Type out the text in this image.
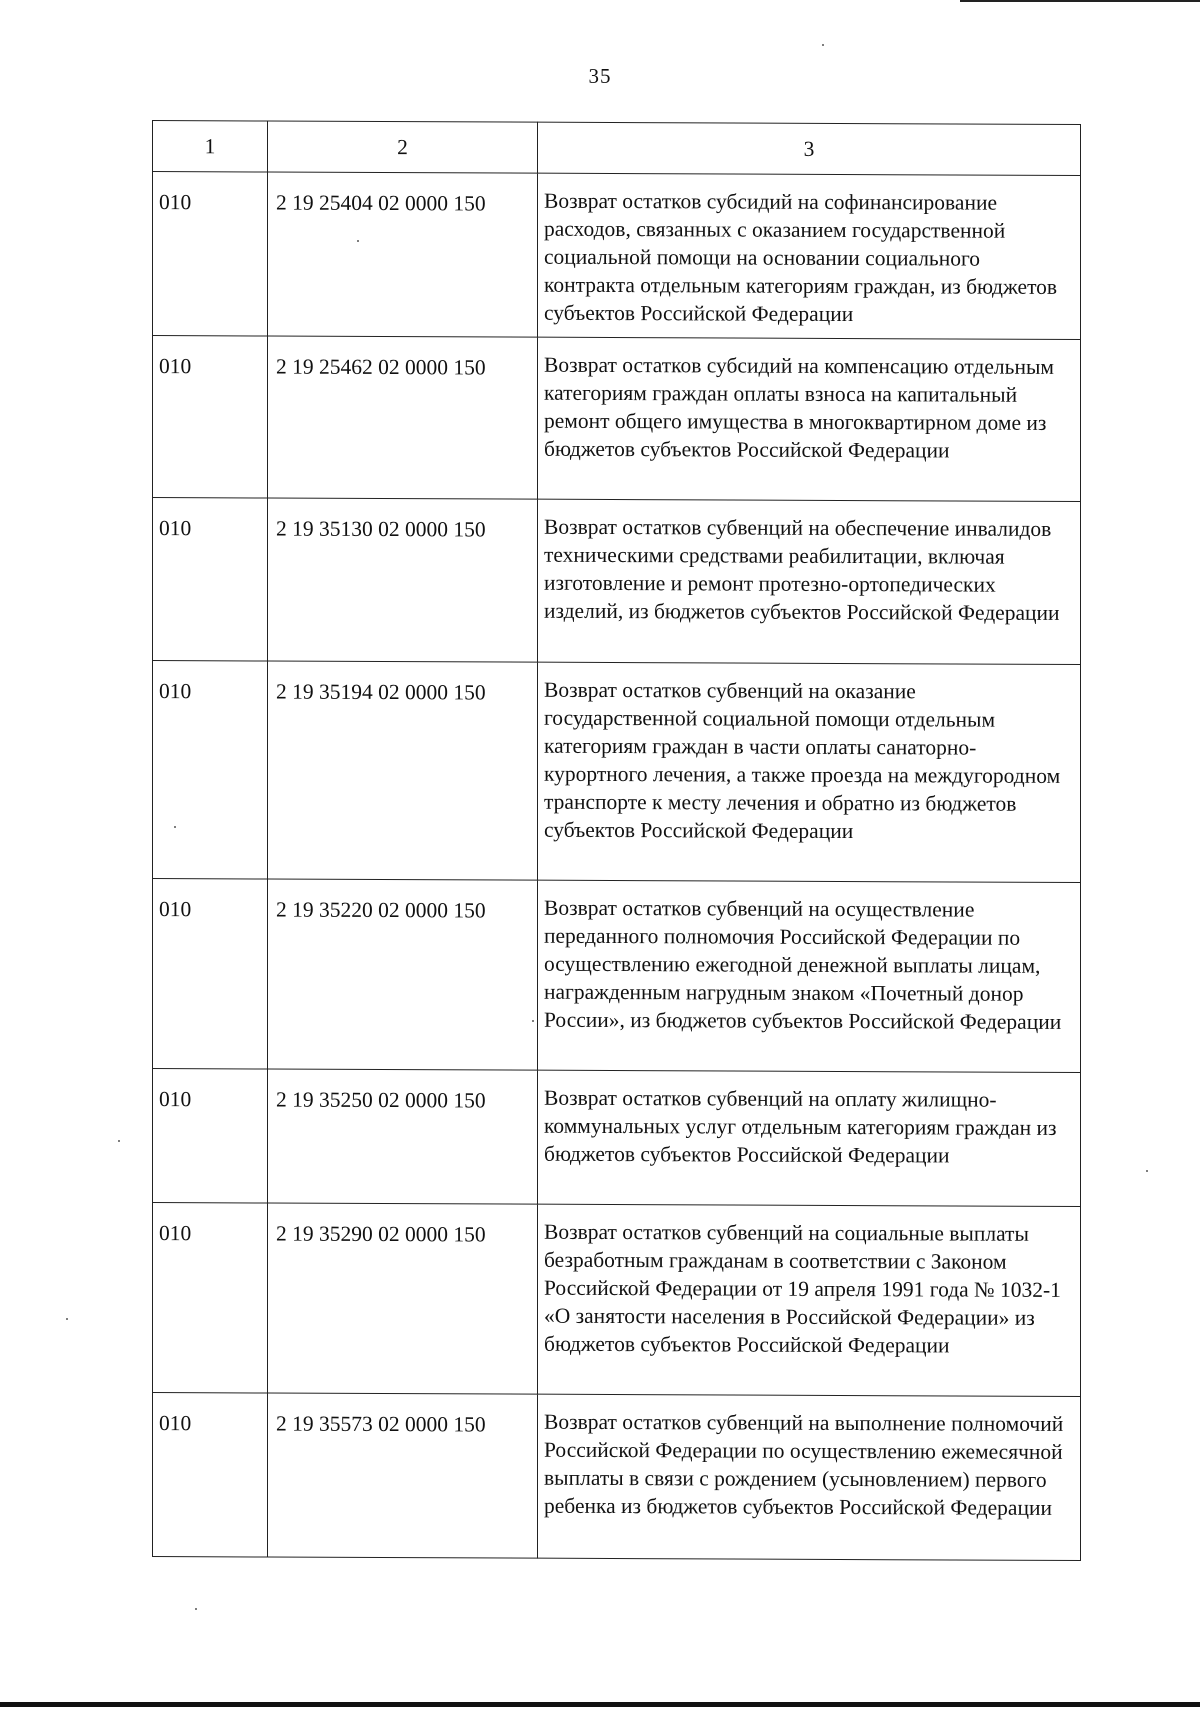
35
1	2	3
010	2 19 25404 02 0000 150	Возврат остатков субсидий на софинансирование расходов, связанных с оказанием государственной социальной помощи на основании социального контракта отдельным категориям граждан, из бюджетов субъектов Российской Федерации
010	2 19 25462 02 0000 150	Возврат остатков субсидий на компенсацию отдельным категориям граждан оплаты взноса на капитальный ремонт общего имущества в многоквартирном доме из бюджетов субъектов Российской Федерации
010	2 19 35130 02 0000 150	Возврат остатков субвенций на обеспечение инвалидов техническими средствами реабилитации, включая изготовление и ремонт протезно-ортопедических изделий, из бюджетов субъектов Российской Федерации
010	2 19 35194 02 0000 150	Возврат остатков субвенций на оказание государственной социальной помощи отдельным категориям граждан в части оплаты санаторно-курортного лечения, а также проезда на междугородном транспорте к месту лечения и обратно из бюджетов субъектов Российской Федерации
010	2 19 35220 02 0000 150	Возврат остатков субвенций на осуществление переданного полномочия Российской Федерации по осуществлению ежегодной денежной выплаты лицам, награжденным нагрудным знаком «Почетный донор России», из бюджетов субъектов Российской Федерации
010	2 19 35250 02 0000 150	Возврат остатков субвенций на оплату жилищно-коммунальных услуг отдельным категориям граждан из бюджетов субъектов Российской Федерации
010	2 19 35290 02 0000 150	Возврат остатков субвенций на социальные выплаты безработным гражданам в соответствии с Законом Российской Федерации от 19 апреля 1991 года № 1032-1 «О занятости населения в Российской Федерации» из бюджетов субъектов Российской Федерации
010	2 19 35573 02 0000 150	Возврат остатков субвенций на выполнение полномочий Российской Федерации по осуществлению ежемесячной выплаты в связи с рождением (усыновлением) первого ребенка из бюджетов субъектов Российской Федерации
